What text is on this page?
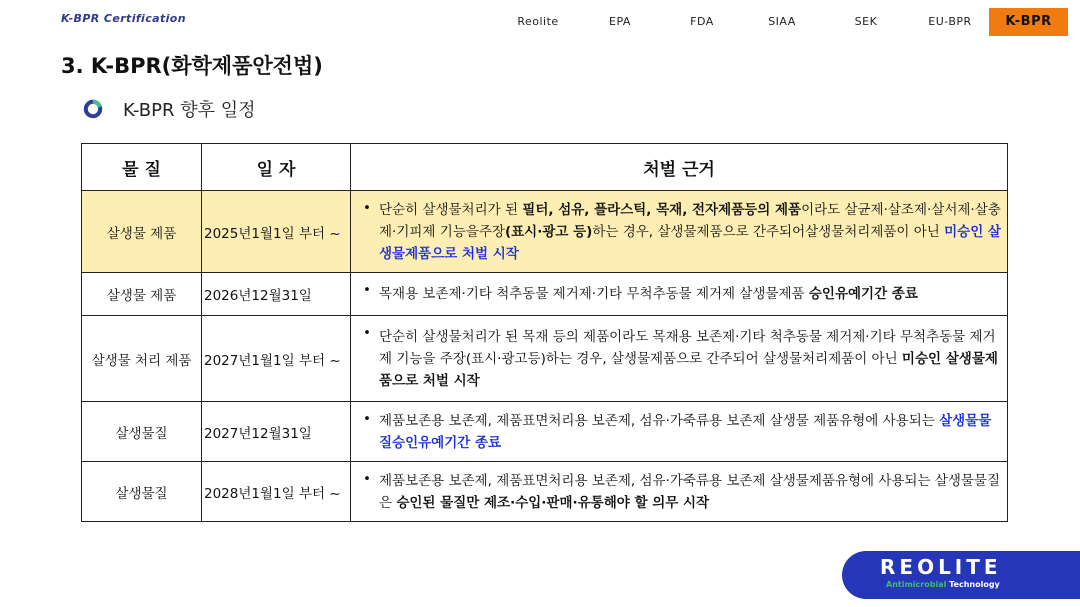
K-BPR Certification	Reolite	EPA	FDA	SIAA	SEK	EU-BPR	K-BPR
3. K-BPR(화학제품안전법)
K-BPR 향후 일정
물 질	일 자	처벌 근거
살생물 제품	2025년1월1일 부터 ~	• 단순히 살생물처리가 된 필터, 섬유, 플라스틱, 목재, 전자제품등의 제품이라도 살균제·살조제·살서제·살충제·기피제 기능을주장(표시·광고 등)하는 경우, 살생물제품으로 간주되어살생물처리제품이 아닌 미승인 살생물제품으로 처벌 시작
살생물 제품	2026년12월31일	• 목재용 보존제·기타 척추동물 제거제·기타 무척추동물 제거제 살생물제품 승인유예기간 종료
살생물 처리 제품	2027년1월1일 부터 ~	• 단순히 살생물처리가 된 목재 등의 제품이라도 목재용 보존제·기타 척추동물 제거제·기타 무척추동물 제거제 기능을 주장(표시·광고등)하는 경우, 살생물제품으로 간주되어 살생물처리제품이 아닌 미승인 살생물제품으로 처벌 시작
살생물질	2027년12월31일	• 제품보존용 보존제, 제품표면처리용 보존제, 섬유·가죽류용 보존제 살생물 제품유형에 사용되는 살생물물질승인유예기간 종료
살생물질	2028년1월1일 부터 ~	• 제품보존용 보존제, 제품표면처리용 보존제, 섬유·가죽류용 보존제 살생물제품유형에 사용되는 살생물물질은 승인된 물질만 제조·수입·판매·유통해야 할 의무 시작
REOLITE
Antimicrobial Technology
